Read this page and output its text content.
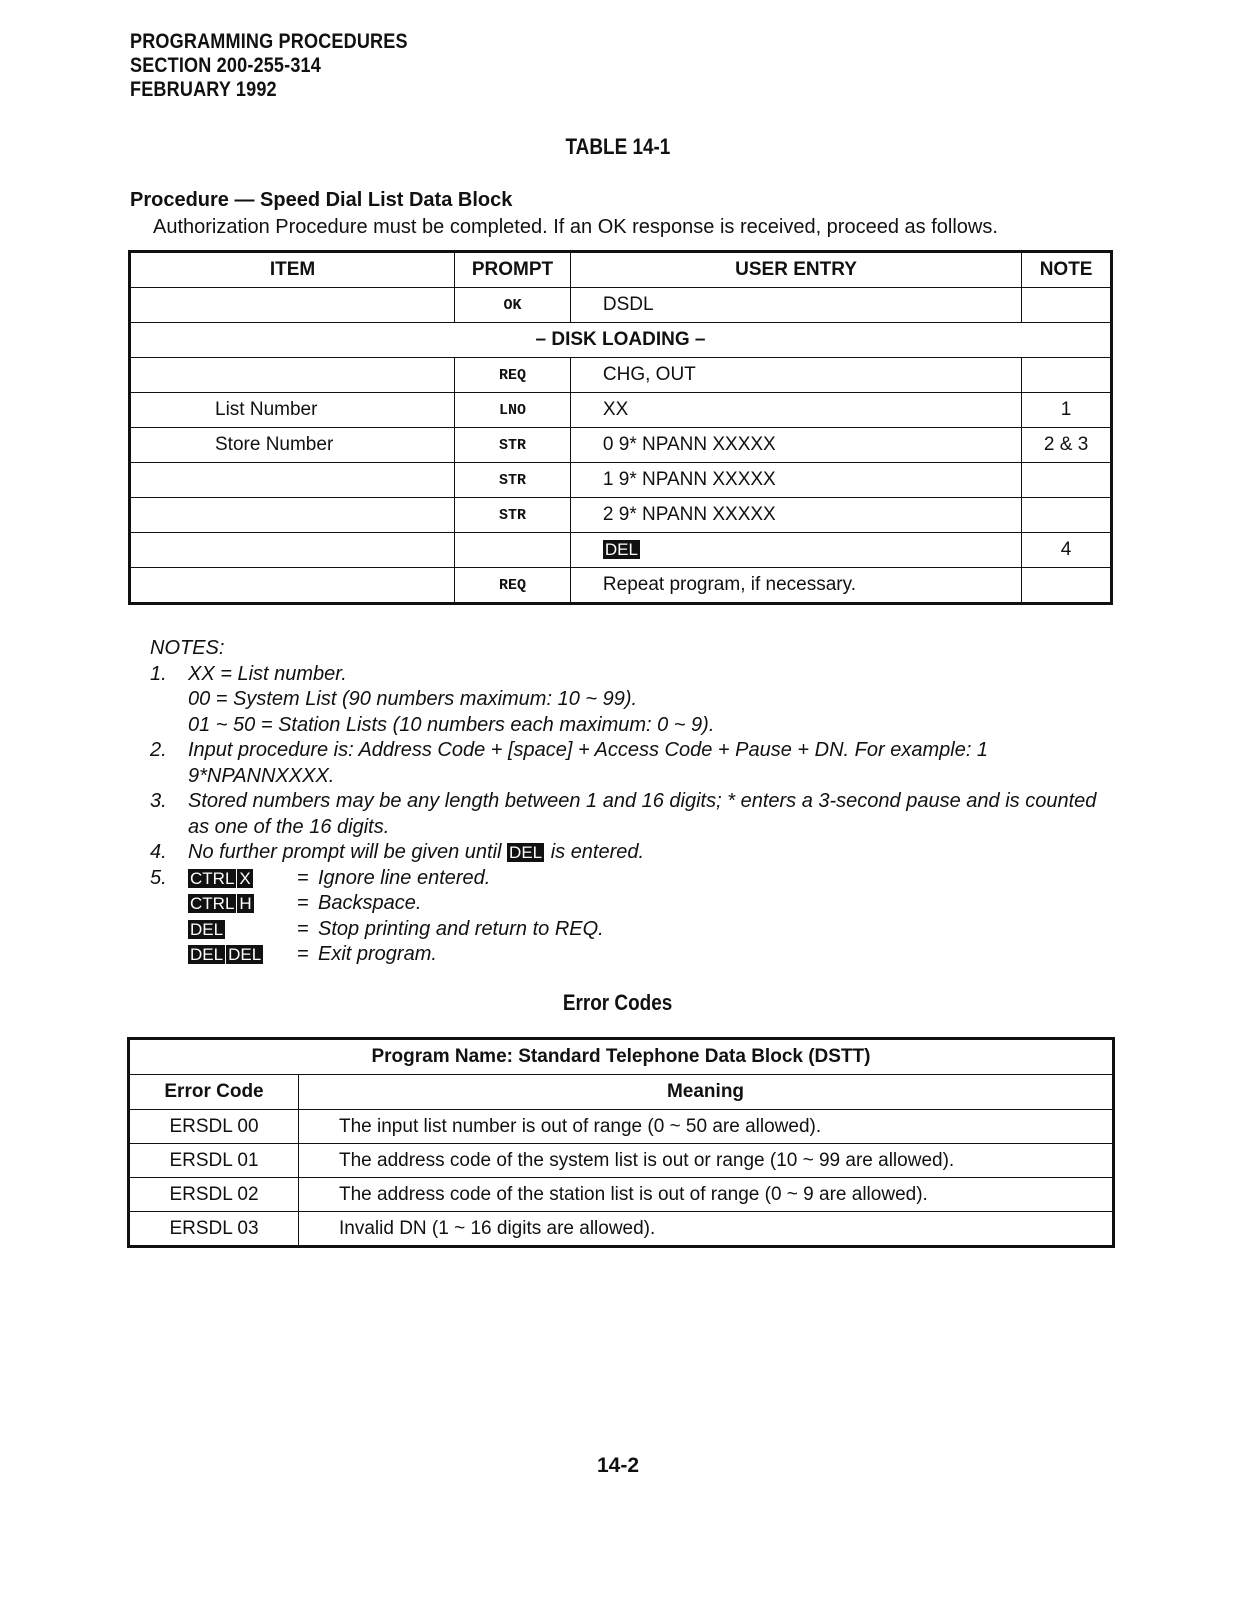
PROGRAMMING PROCEDURES
SECTION 200-255-314
FEBRUARY 1992
TABLE 14-1
Procedure — Speed Dial List Data Block
Authorization Procedure must be completed. If an OK response is received, proceed as follows.
ITEM	PROMPT	USER ENTRY	NOTE
	OK	DSDL	
– DISK LOADING –			
	REQ	CHG, OUT	
List Number	LNO	XX	1
Store Number	STR	0 9* NPANN XXXXX	2 & 3
	STR	1 9* NPANN XXXXX	
	STR	2 9* NPANN XXXXX	
		DEL	4
	REQ	Repeat program, if necessary.	
NOTES:
1. XX = List number.
00 = System List (90 numbers maximum: 10 ~ 99).
01 ~ 50 = Station Lists (10 numbers each maximum: 0 ~ 9).
2.	Input procedure is: Address Code + [space] + Access Code + Pause + DN. For example: 1 9*NPANNXXXX.
3.	Stored numbers may be any length between 1 and 16 digits; * enters a 3-second pause and is counted as one of the 16 digits.
4. No further prompt will be given until DEL is entered.
5.	CTRL X	= Ignore line entered.
CTRL H	= Backspace.
DEL	= Stop printing and return to REQ.
DEL DEL	= Exit program.
Error Codes
Program Name: Standard Telephone Data Block (DSTT)	
Error Code	Meaning
ERSDL 00	The input list number is out of range (0 ~ 50 are allowed).
ERSDL 01	The address code of the system list is out or range (10 ~ 99 are allowed).
ERSDL 02	The address code of the station list is out of range (0 ~ 9 are allowed).
ERSDL 03	Invalid DN (1 ~ 16 digits are allowed).
14-2
